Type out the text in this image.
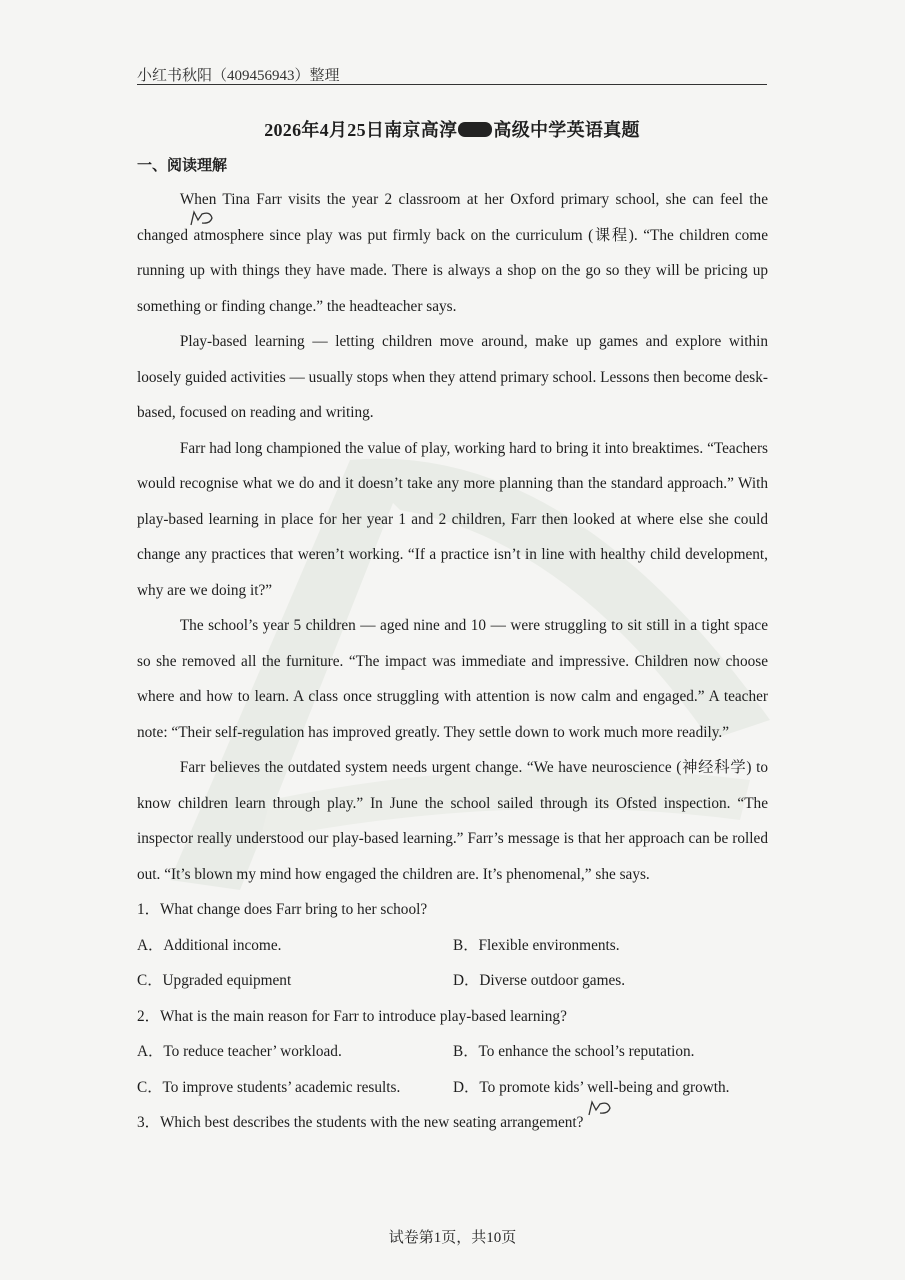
小红书秋阳（409456943）整理
2026年4月25日南京高淳 高级中学英语真题
一、阅读理解

When Tina Farr visits the year 2 classroom at her Oxford primary school, she can feel the changed atmosphere since play was put firmly back on the curriculum (课程). “The children come running up with things they have made. There is always a shop on the go so they will be pricing up something or finding change.” the headteacher says.

Play-based learning — letting children move around, make up games and explore within loosely guided activities — usually stops when they attend primary school. Lessons then become desk-based, focused on reading and writing.

Farr had long championed the value of play, working hard to bring it into breaktimes. “Teachers would recognise what we do and it doesn’t take any more planning than the standard approach.” With play-based learning in place for her year 1 and 2 children, Farr then looked at where else she could change any practices that weren’t working. “If a practice isn’t in line with healthy child development, why are we doing it?”

The school’s year 5 children — aged nine and 10 — were struggling to sit still in a tight space so she removed all the furniture. “The impact was immediate and impressive. Children now choose where and how to learn. A class once struggling with attention is now calm and engaged.” A teacher note: “Their self-regulation has improved greatly. They settle down to work much more readily.”

Farr believes the outdated system needs urgent change. “We have neuroscience (神经科学) to know children learn through play.” In June the school sailed through its Ofsted inspection. “The inspector really understood our play-based learning.” Farr’s message is that her approach can be rolled out. “It’s blown my mind how engaged the children are. It’s phenomenal,” she says.

1．What change does Farr bring to her school?
A．Additional income.	B．Flexible environments.
C．Upgraded equipment	D．Diverse outdoor games.
2．What is the main reason for Farr to introduce play-based learning?
A．To reduce teacher’ workload.	B．To enhance the school’s reputation.
C．To improve students’ academic results.	D．To promote kids’ well-being and growth.
3．Which best describes the students with the new seating arrangement?
试卷第1页，共10页
